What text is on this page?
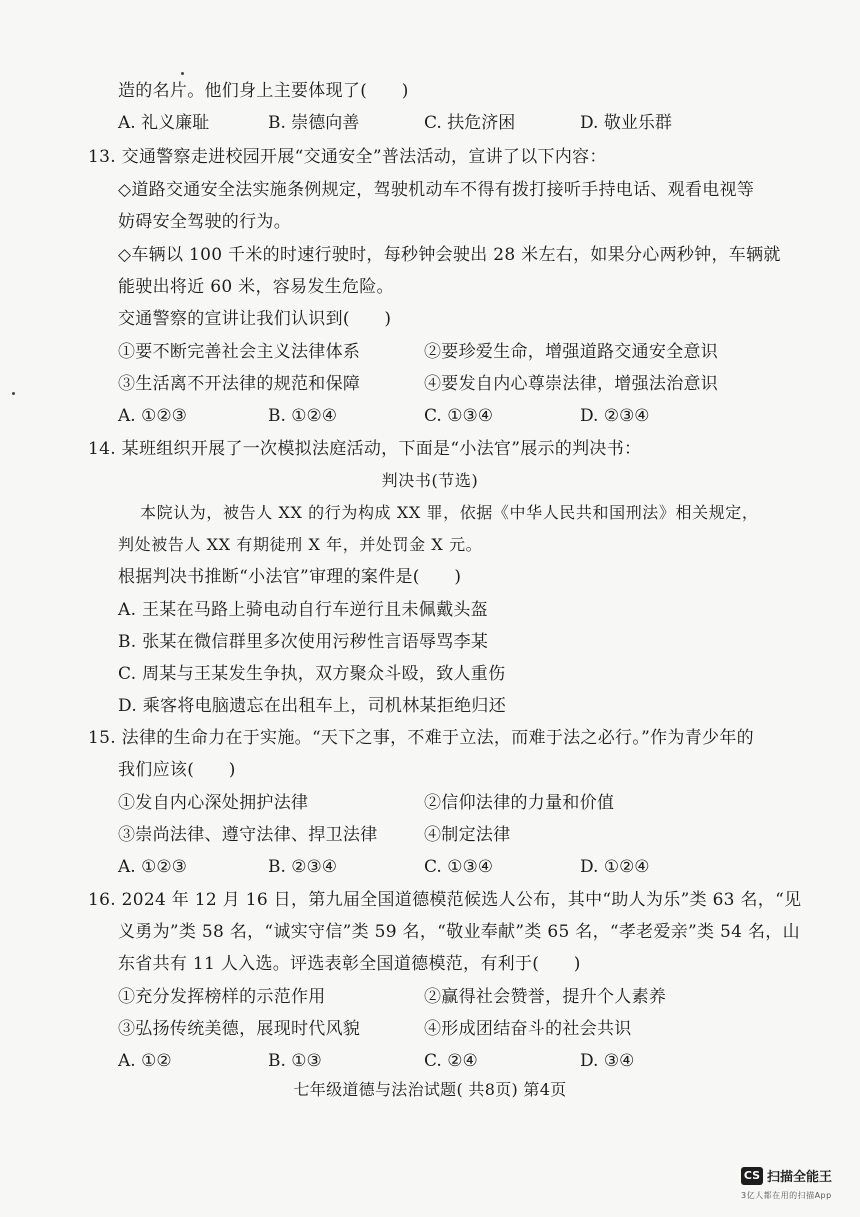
造的名片。他们身上主要体现了(　　)
A. 礼义廉耻	B. 崇德向善	C. 扶危济困	D. 敬业乐群
13. 交通警察走进校园开展“交通安全”普法活动，宣讲了以下内容：
◇道路交通安全法实施条例规定，驾驶机动车不得有拨打接听手持电话、观看电视等
妨碍安全驾驶的行为。
◇车辆以 100 千米的时速行驶时，每秒钟会驶出 28 米左右，如果分心两秒钟，车辆就
能驶出将近 60 米，容易发生危险。
交通警察的宣讲让我们认识到(　　)
①要不断完善社会主义法律体系	②要珍爱生命，增强道路交通安全意识
③生活离不开法律的规范和保障	④要发自内心尊崇法律，增强法治意识
A. ①②③	B. ①②④	C. ①③④	D. ②③④
14. 某班组织开展了一次模拟法庭活动，下面是“小法官”展示的判决书：
判决书(节选)
本院认为，被告人 XX 的行为构成 XX 罪，依据《中华人民共和国刑法》相关规定，
判处被告人 XX 有期徒刑 X 年，并处罚金 X 元。
根据判决书推断“小法官”审理的案件是(　　)
A. 王某在马路上骑电动自行车逆行且未佩戴头盔
B. 张某在微信群里多次使用污秽性言语辱骂李某
C. 周某与王某发生争执，双方聚众斗殴，致人重伤
D. 乘客将电脑遗忘在出租车上，司机林某拒绝归还
15. 法律的生命力在于实施。“天下之事，不难于立法，而难于法之必行。”作为青少年的
我们应该(　　)
①发自内心深处拥护法律	②信仰法律的力量和价值
③崇尚法律、遵守法律、捍卫法律	④制定法律
A. ①②③	B. ②③④	C. ①③④	D. ①②④
16. 2024 年 12 月 16 日，第九届全国道德模范候选人公布，其中“助人为乐”类 63 名，“见
义勇为”类 58 名，“诚实守信”类 59 名，“敬业奉献”类 65 名，“孝老爱亲”类 54 名，山
东省共有 11 人入选。评选表彰全国道德模范，有利于(　　)
①充分发挥榜样的示范作用	②赢得社会赞誉，提升个人素养
③弘扬传统美德，展现时代风貌	④形成团结奋斗的社会共识
A. ①②	B. ①③	C. ②④	D. ③④
七年级道德与法治试题( 共8页) 第4页
CS 扫描全能王
3亿人都在用的扫描App
